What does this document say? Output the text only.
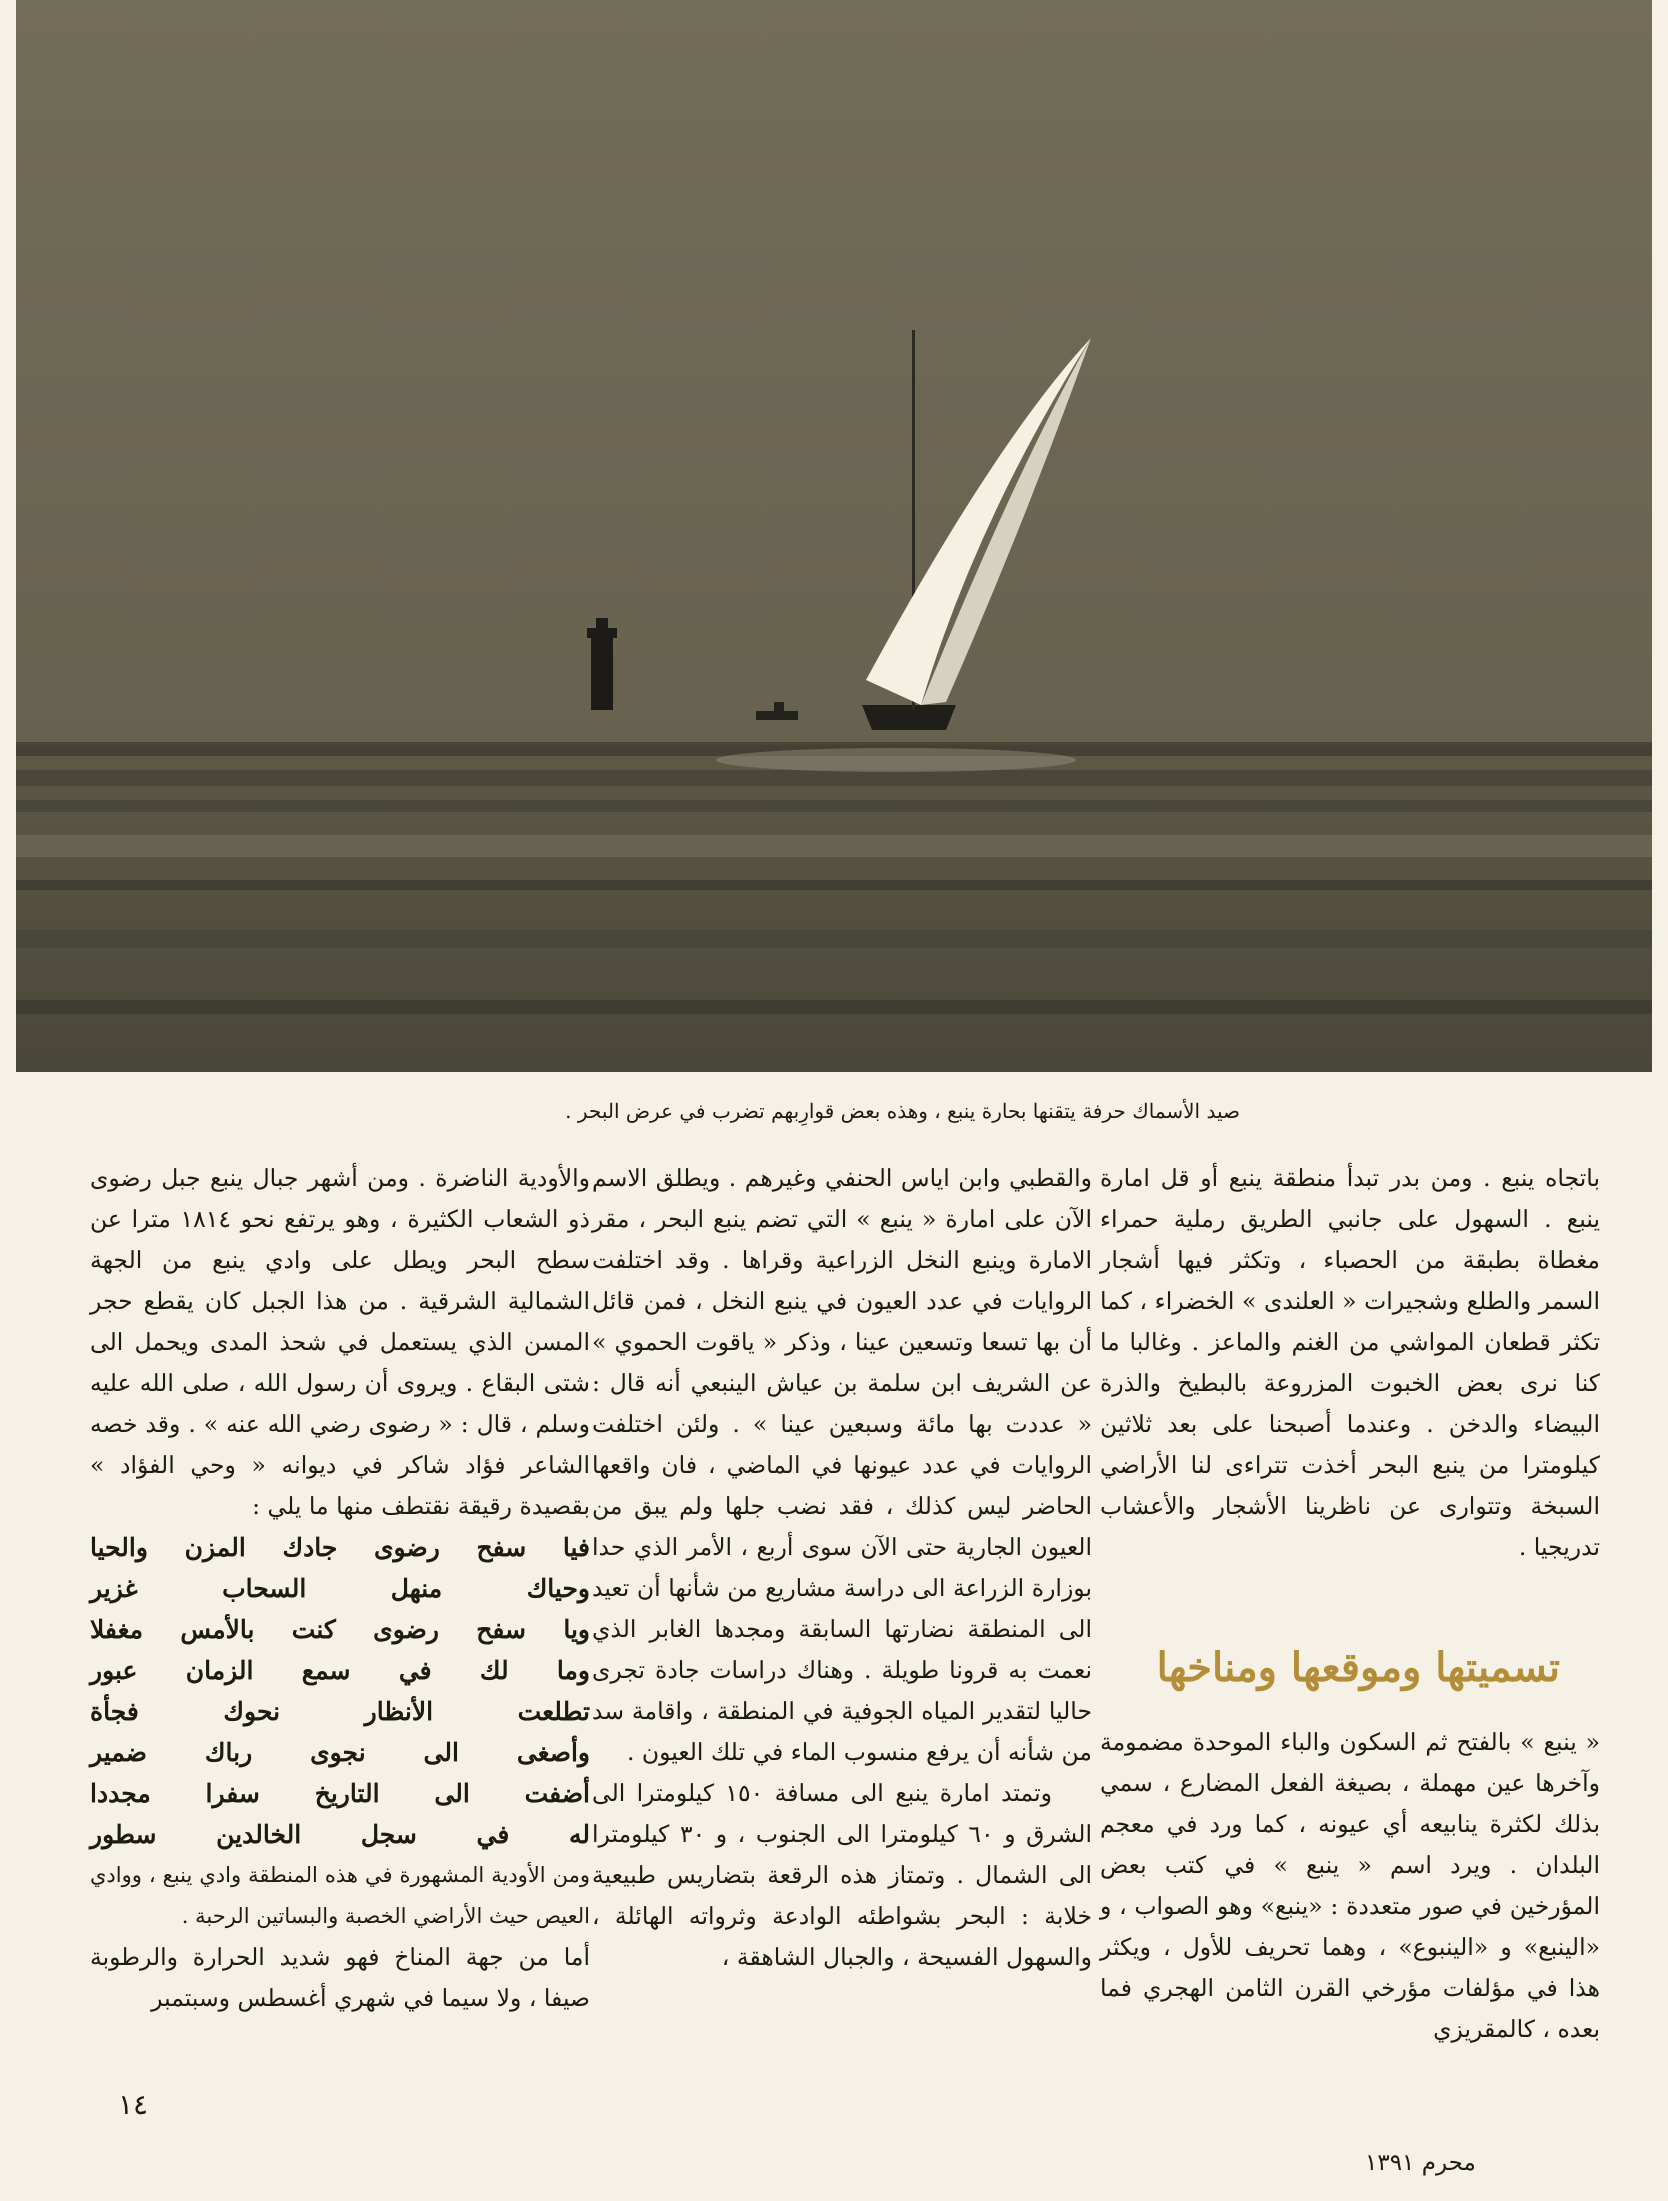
صيد الأسماك حرفة يتقنها بحارة ينبع ، وهذه بعض قوارِبهم تضرب في عرض البحر .

باتجاه ينبع . ومن بدر تبدأ منطقة ينبع أو قل امارة ينبع . السهول على جانبي الطريق رملية حمراء مغطاة بطبقة من الحصباء ، وتكثر فيها أشجار السمر والطلع وشجيرات « العلندى » الخضراء ، كما تكثر قطعان المواشي من الغنم والماعز . وغالبا ما كنا نرى بعض الخبوت المزروعة بالبطيخ والذرة البيضاء والدخن . وعندما أصبحنا على بعد ثلاثين كيلومترا من ينبع البحر أخذت تتراءى لنا الأراضي السبخة وتتوارى عن ناظرينا الأشجار والأعشاب تدريجيا .

تسميتها وموقعها ومناخها

« ينبع » بالفتح ثم السكون والباء الموحدة مضمومة وآخرها عين مهملة ، بصيغة الفعل المضارع ، سمي بذلك لكثرة ينابيعه أي عيونه ، كما ورد في معجم البلدان . ويرد اسم « ينبع » في كتب بعض المؤرخين في صور متعددة : «ينبع» وهو الصواب ، و «الينبع» و «الينبوع» ، وهما تحريف للأول ، ويكثر هذا في مؤلفات مؤرخي القرن الثامن الهجري فما بعده ، كالمقريزي

والقطبي وابن اياس الحنفي وغيرهم . ويطلق الاسم الآن على امارة « ينبع » التي تضم ينبع البحر ، مقر الامارة وينبع النخل الزراعية وقراها . وقد اختلفت الروايات في عدد العيون في ينبع النخل ، فمن قائل أن بها تسعا وتسعين عينا ، وذكر « ياقوت الحموي » عن الشريف ابن سلمة بن عياش الينبعي أنه قال : « عددت بها مائة وسبعين عينا » . ولئن اختلفت الروايات في عدد عيونها في الماضي ، فان واقعها الحاضر ليس كذلك ، فقد نضب جلها ولم يبق من العيون الجارية حتى الآن سوى أربع ، الأمر الذي حدا بوزارة الزراعة الى دراسة مشاريع من شأنها أن تعيد الى المنطقة نضارتها السابقة ومجدها الغابر الذي نعمت به قرونا طويلة . وهناك دراسات جادة تجرى حاليا لتقدير المياه الجوفية في المنطقة ، واقامة سد من شأنه أن يرفع منسوب الماء في تلك العيون .

وتمتد امارة ينبع الى مسافة ١٥٠ كيلومترا الى الشرق و ٦٠ كيلومترا الى الجنوب ، و ٣٠ كيلومترا الى الشمال . وتمتاز هذه الرقعة بتضاريس طبيعية خلابة : البحر بشواطئه الوادعة وثرواته الهائلة ، والسهول الفسيحة ، والجبال الشاهقة ،

والأودية الناضرة . ومن أشهر جبال ينبع جبل رضوى ذو الشعاب الكثيرة ، وهو يرتفع نحو ١٨١٤ مترا عن سطح البحر ويطل على وادي ينبع من الجهة الشمالية الشرقية . من هذا الجبل كان يقطع حجر المسن الذي يستعمل في شحذ المدى ويحمل الى شتى البقاع . ويروى أن رسول الله ، صلى الله عليه وسلم ، قال : « رضوى رضي الله عنه » . وقد خصه الشاعر فؤاد شاكر في ديوانه « وحي الفؤاد » بقصيدة رقيقة نقتطف منها ما يلي :

فيا سفح رضوى جادك المزن والحيا

وحياك منهل السحاب غزير

ويا سفح رضوى كنت بالأمس مغفلا

وما لك في سمع الزمان عبور

تطلعت الأنظار نحوك فجأة

وأصغى الى نجوى رباك ضمير

أضفت الى التاريخ سفرا مجددا

له في سجل الخالدين سطور

ومن الأودية المشهورة في هذه المنطقة وادي ينبع ، ووادي العيص حيث الأراضي الخصبة والبساتين الرحبة .

أما من جهة المناخ فهو شديد الحرارة والرطوبة صيفا ، ولا سيما في شهري أغسطس وسبتمبر

١٤
محرم ١٣٩١
